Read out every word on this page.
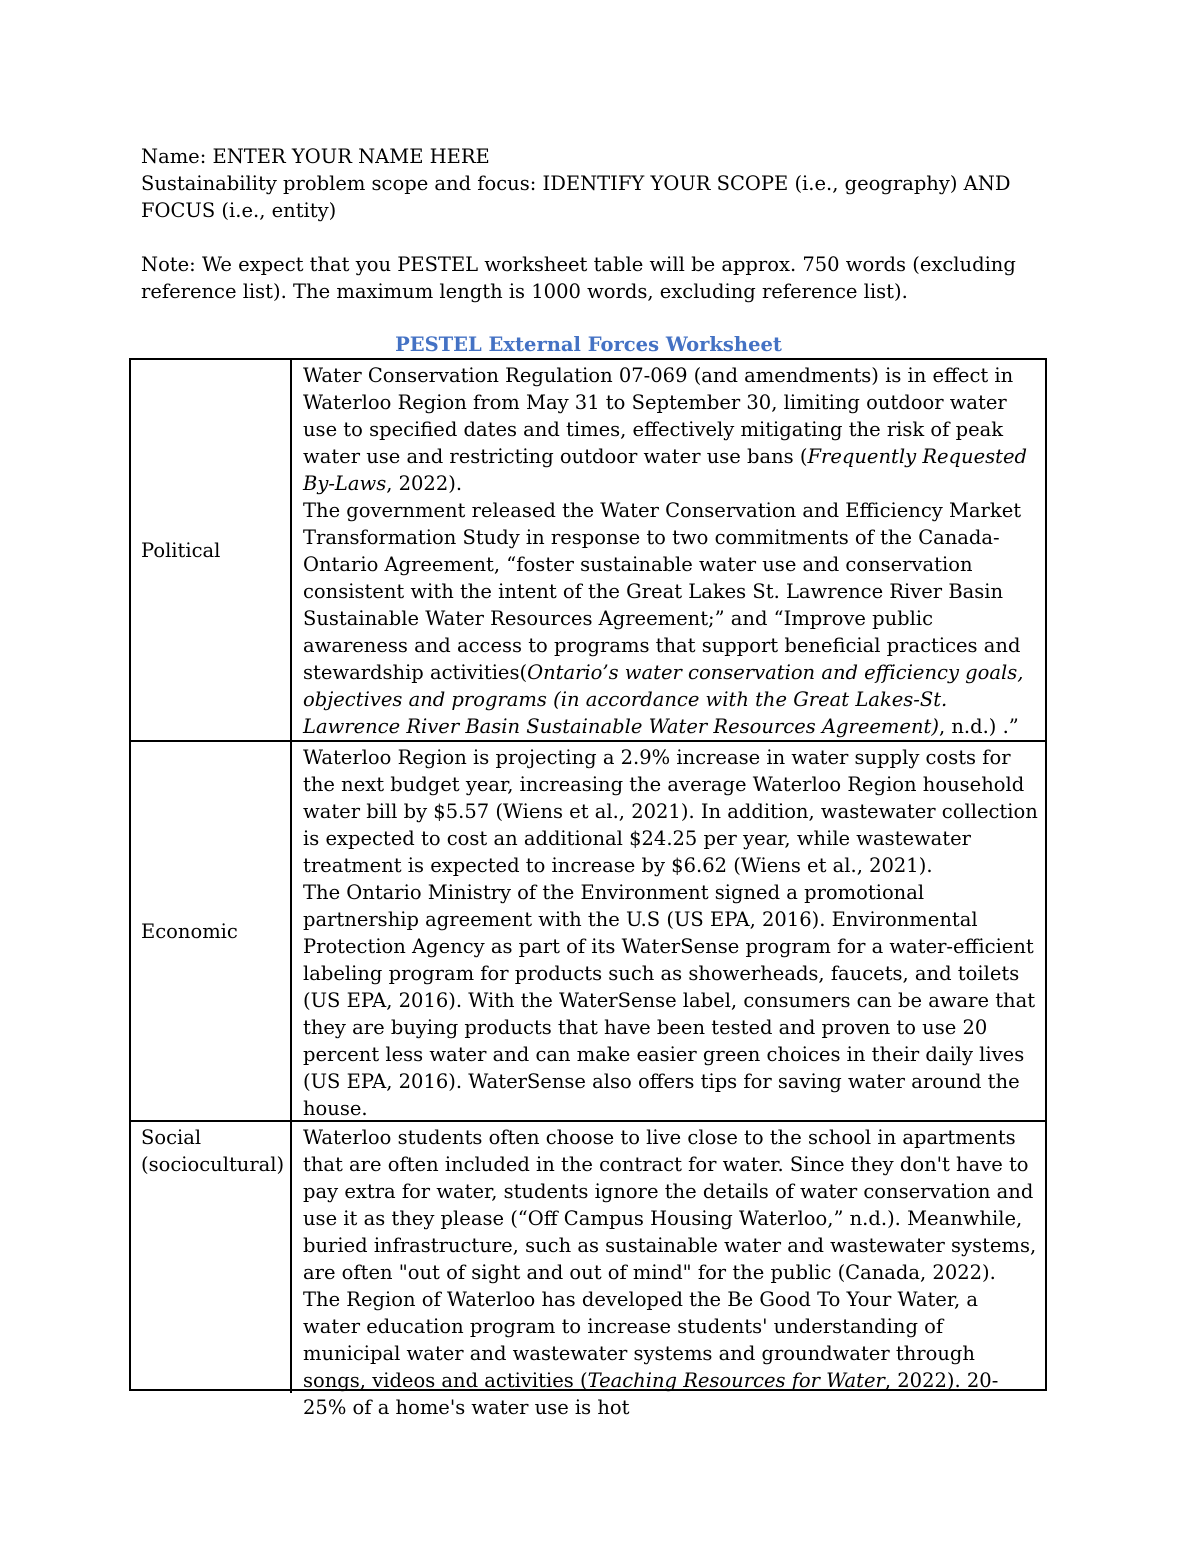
Name: ENTER YOUR NAME HERE

Sustainability problem scope and focus: IDENTIFY YOUR SCOPE (i.e., geography) AND FOCUS (i.e., entity)

Note: We expect that you PESTEL worksheet table will be approx. 750 words (excluding reference list). The maximum length is 1000 words, excluding reference list).

PESTEL External Forces Worksheet
Political

Water Conservation Regulation 07-069 (and amendments) is in effect in Waterloo Region from May 31 to September 30, limiting outdoor water use to specified dates and times, effectively mitigating the risk of peak water use and restricting outdoor water use bans (Frequently Requested By-Laws, 2022).

The government released the Water Conservation and Efficiency Market Transformation Study in response to two commitments of the Canada-Ontario Agreement, “foster sustainable water use and conservation consistent with the intent of the Great Lakes St. Lawrence River Basin Sustainable Water Resources Agreement;” and “Improve public awareness and access to programs that support beneficial practices and stewardship activities(Ontario’s water conservation and efficiency goals, objectives and programs (in accordance with the Great Lakes-St. Lawrence River Basin Sustainable Water Resources Agreement), n.d.) .”

Economic

Waterloo Region is projecting a 2.9% increase in water supply costs for the next budget year, increasing the average Waterloo Region household water bill by $5.57 (Wiens et al., 2021). In addition, wastewater collection is expected to cost an additional $24.25 per year, while wastewater treatment is expected to increase by $6.62 (Wiens et al., 2021).

The Ontario Ministry of the Environment signed a promotional partnership agreement with the U.S (US EPA, 2016). Environmental Protection Agency as part of its WaterSense program for a water-efficient labeling program for products such as showerheads, faucets, and toilets (US EPA, 2016). With the WaterSense label, consumers can be aware that they are buying products that have been tested and proven to use 20 percent less water and can make easier green choices in their daily lives (US EPA, 2016). WaterSense also offers tips for saving water around the house.

Social (sociocultural)

Waterloo students often choose to live close to the school in apartments that are often included in the contract for water. Since they don't have to pay extra for water, students ignore the details of water conservation and use it as they please (“Off Campus Housing Waterloo,” n.d.). Meanwhile, buried infrastructure, such as sustainable water and wastewater systems, are often "out of sight and out of mind" for the public (Canada, 2022). The Region of Waterloo has developed the Be Good To Your Water, a water education program to increase students' understanding of municipal water and wastewater systems and groundwater through songs, videos and activities (Teaching Resources for Water, 2022). 20-25% of a home's water use is hot
